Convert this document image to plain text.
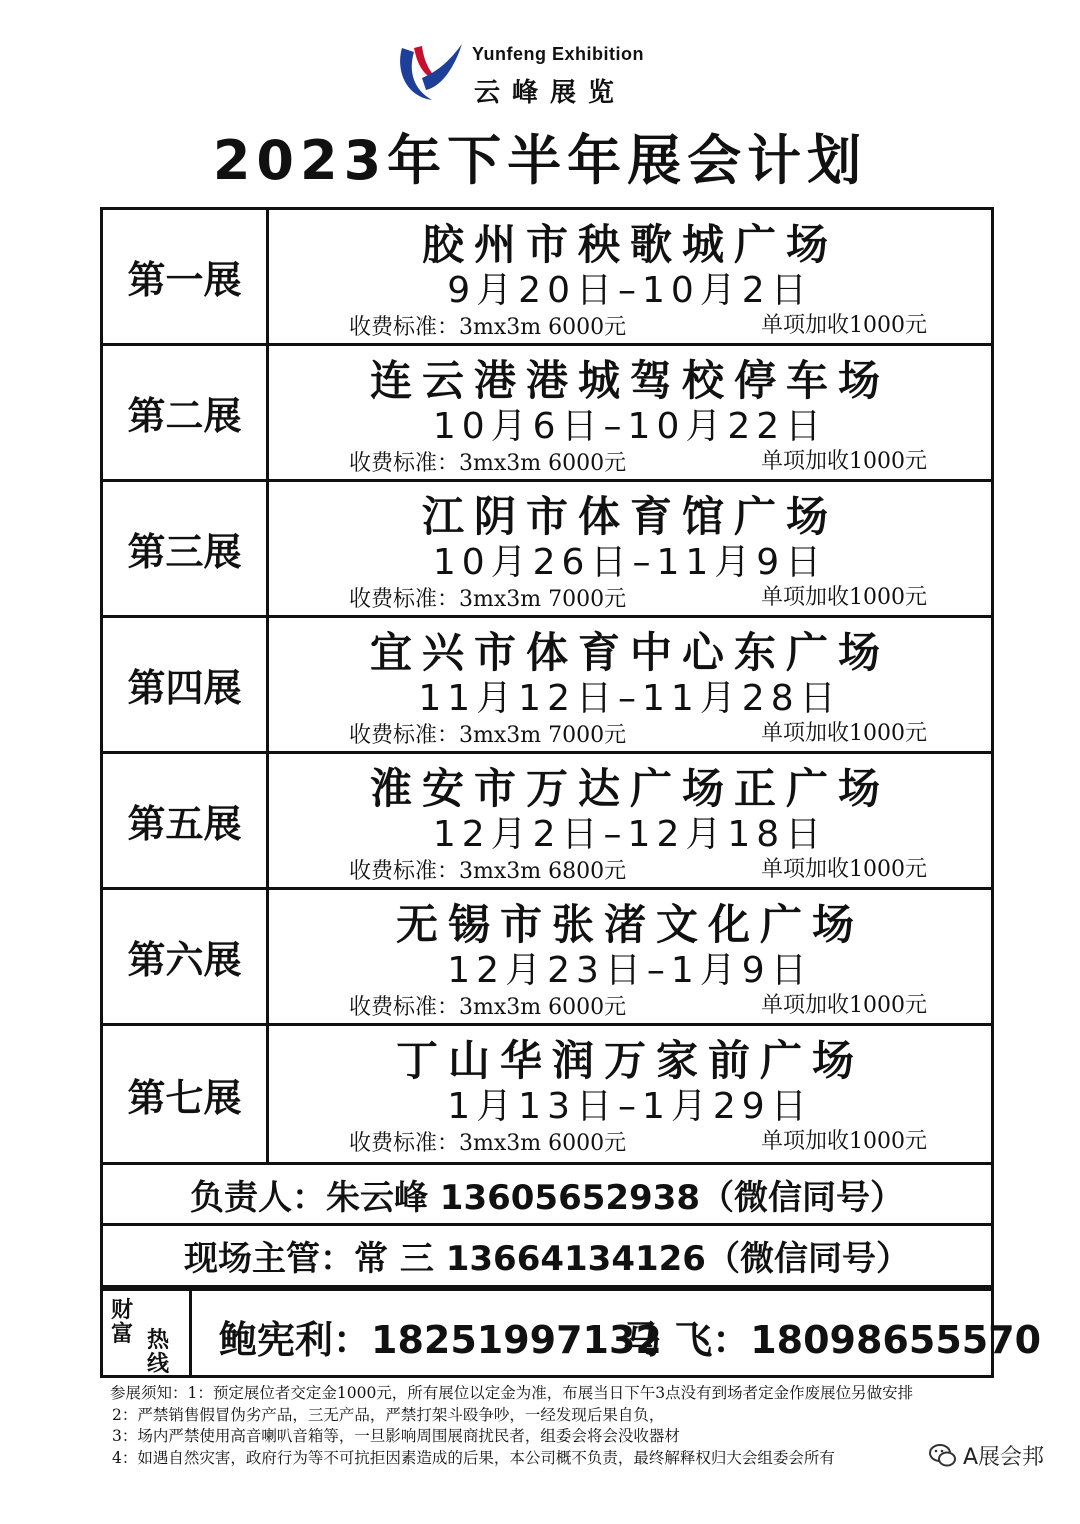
Yunfeng Exhibition
云峰展览
2023年下半年展会计划
第一展
胶州市秧歌城广场
9月20日–10月2日
收费标准：3mx3m 6000元	单项加收1000元
第二展
连云港港城驾校停车场
10月6日–10月22日
收费标准：3mx3m 6000元	单项加收1000元
第三展
江阴市体育馆广场
10月26日–11月9日
收费标准：3mx3m 7000元	单项加收1000元
第四展
宜兴市体育中心东广场
11月12日–11月28日
收费标准：3mx3m 7000元	单项加收1000元
第五展
淮安市万达广场正广场
12月2日–12月18日
收费标准：3mx3m 6800元	单项加收1000元
第六展
无锡市张渚文化广场
12月23日–1月9日
收费标准：3mx3m 6000元	单项加收1000元
第七展
丁山华润万家前广场
1月13日–1月29日
收费标准：3mx3m 6000元	单项加收1000元
负责人：朱云峰 13605652938（微信同号）
现场主管：常 三 13664134126（微信同号）
财
富 热
线
鲍宪利：18251997132
马 飞：18098655570
参展须知：1：预定展位者交定金1000元，所有展位以定金为准，布展当日下午3点没有到场者定金作废展位另做安排
2：严禁销售假冒伪劣产品，三无产品，严禁打架斗殴争吵，一经发现后果自负，
3：场内严禁使用高音喇叭音箱等，一旦影响周围展商扰民者，组委会将会没收器材
4：如遇自然灾害，政府行为等不可抗拒因素造成的后果，本公司概不负责，最终解释权归大会组委会所有	A展会邦
